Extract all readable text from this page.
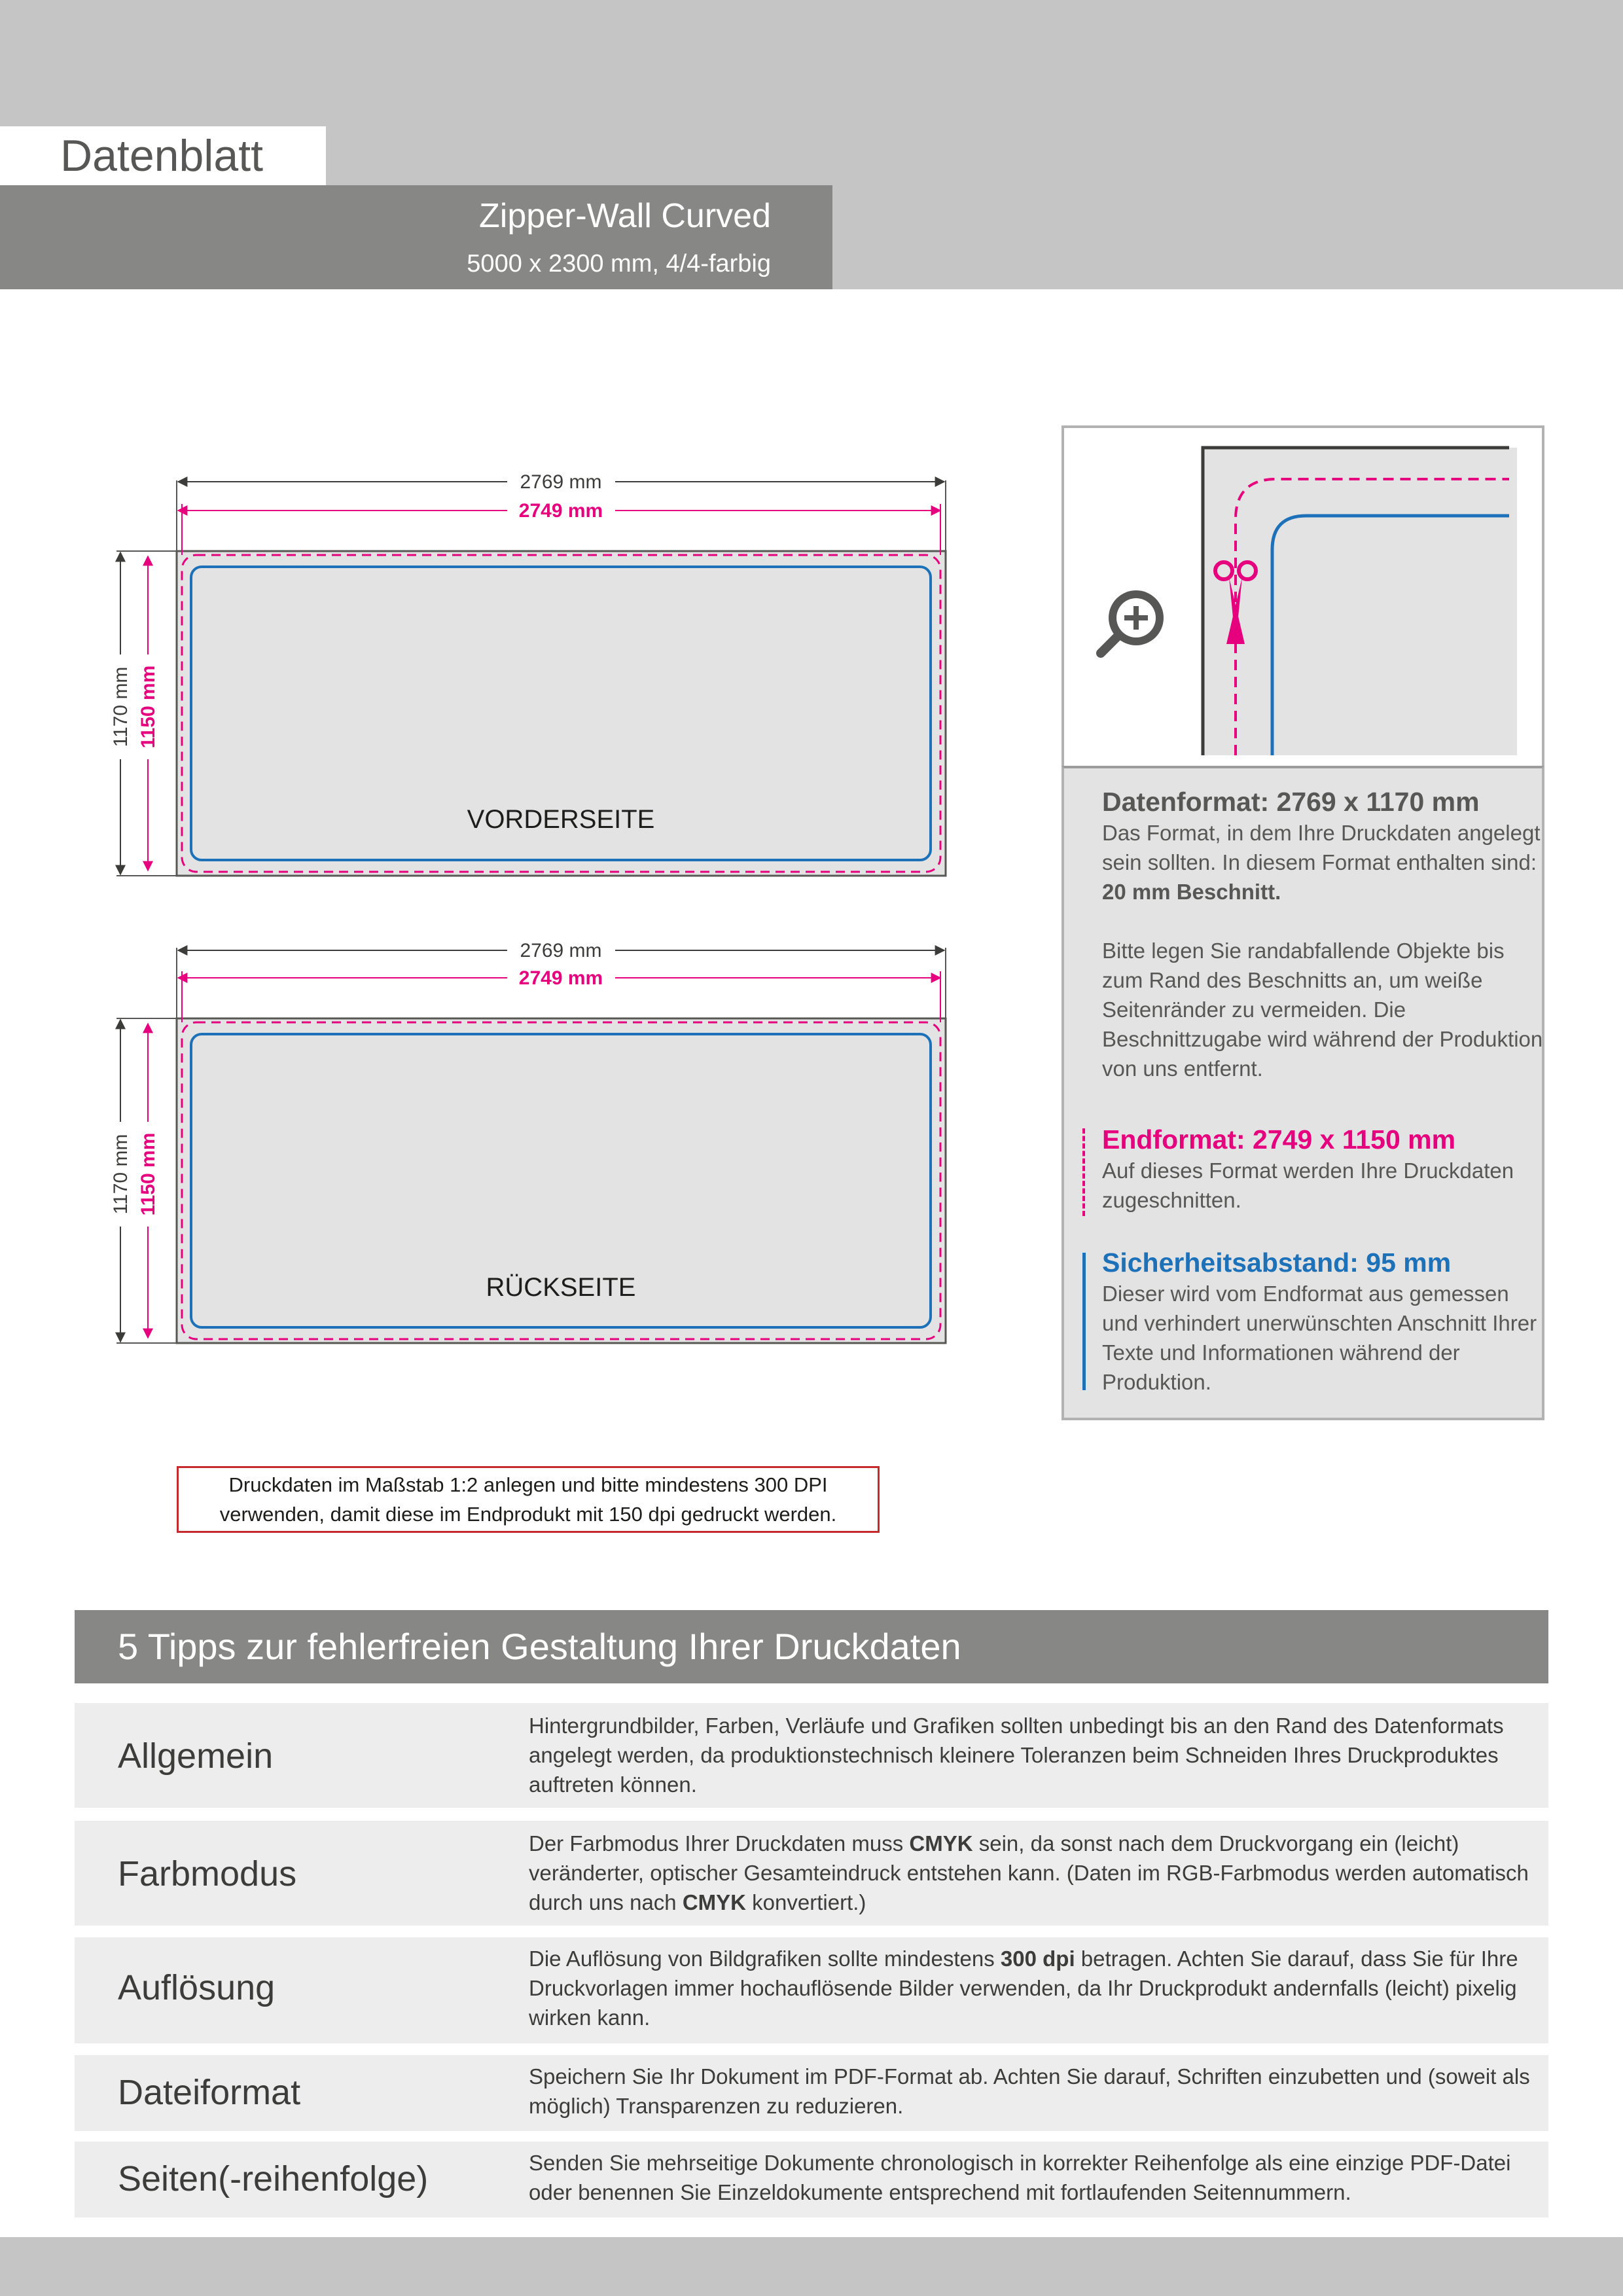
Datenblatt
Zipper-Wall Curved
5000 x 2300 mm, 4/4-farbig
2769 mm
2749 mm
1170 mm 1150 mm
VORDERSEITE
2769 mm
2749 mm
1170 mm 1150 mm
RÜCKSEITE
Datenformat: 2769 x 1170 mm
Das Format, in dem Ihre Druckdaten angelegt sein sollten. In diesem Format enthalten sind: 20 mm Beschnitt.
Bitte legen Sie randabfallende Objekte bis zum Rand des Beschnitts an, um weiße Seitenränder zu vermeiden. Die Beschnittzugabe wird während der Produktion von uns entfernt.
Endformat: 2749 x 1150 mm
Auf dieses Format werden Ihre Druckdaten zugeschnitten.
Sicherheitsabstand: 95 mm
Dieser wird vom Endformat aus gemessen und verhindert unerwünschten Anschnitt Ihrer Texte und Informationen während der Produktion.
Druckdaten im Maßstab 1:2 anlegen und bitte mindestens 300 DPI
verwenden, damit diese im Endprodukt mit 150 dpi gedruckt werden.
5 Tipps zur fehlerfreien Gestaltung Ihrer Druckdaten
Allgemein
Hintergrundbilder, Farben, Verläufe und Grafiken sollten unbedingt bis an den Rand des Datenformats angelegt werden, da produktionstechnisch kleinere Toleranzen beim Schneiden Ihres Druckproduktes auftreten können.
Farbmodus
Der Farbmodus Ihrer Druckdaten muss CMYK sein, da sonst nach dem Druckvorgang ein (leicht) veränderter, optischer Gesamteindruck entstehen kann. (Daten im RGB-Farbmodus werden automatisch durch uns nach CMYK konvertiert.)
Auflösung
Die Auflösung von Bildgrafiken sollte mindestens 300 dpi betragen. Achten Sie darauf, dass Sie für Ihre Druckvorlagen immer hochauflösende Bilder verwenden, da Ihr Druckprodukt andernfalls (leicht) pixelig wirken kann.
Dateiformat	Speichern Sie Ihr Dokument im PDF-Format ab. Achten Sie darauf, Schriften einzubetten und (soweit als möglich) Transparenzen zu reduzieren.
Seiten(-reihenfolge)	Senden Sie mehrseitige Dokumente chronologisch in korrekter Reihenfolge als eine einzige PDF-Datei oder benennen Sie Einzeldokumente entsprechend mit fortlaufenden Seitennummern.
